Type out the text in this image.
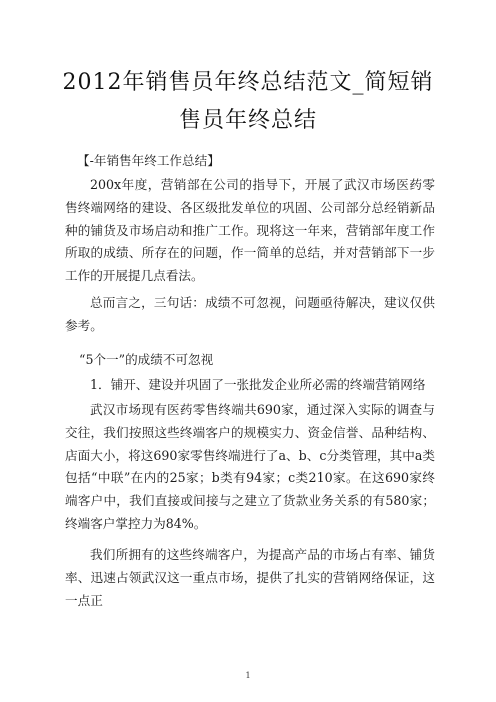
2012年销售员年终总结范文_简短销
售员年终总结

【-年销售年终工作总结】

200x年度，营销部在公司的指导下，开展了武汉市场医药零售终端网络的建设、各区级批发单位的巩固、公司部分总经销新品种的铺货及市场启动和推广工作。现将这一年来，营销部年度工作所取的成绩、所存在的问题，作一简单的总结，并对营销部下一步工作的开展提几点看法。

总而言之，三句话：成绩不可忽视，问题亟待解决，建议仅供参考。

“5个一”的成绩不可忽视

1．铺开、建设并巩固了一张批发企业所必需的终端营销网络

武汉市场现有医药零售终端共690家，通过深入实际的调查与交往，我们按照这些终端客户的规模实力、资金信誉、品种结构、店面大小，将这690家零售终端进行了a、b、c分类管理，其中a类包括“中联”在内的25家；b类有94家；c类210家。在这690家终端客户中，我们直接或间接与之建立了货款业务关系的有580家；终端客户掌控力为84%。

我们所拥有的这些终端客户，为提高产品的市场占有率、铺货率、迅速占领武汉这一重点市场，提供了扎实的营销网络保证，这一点正

1
